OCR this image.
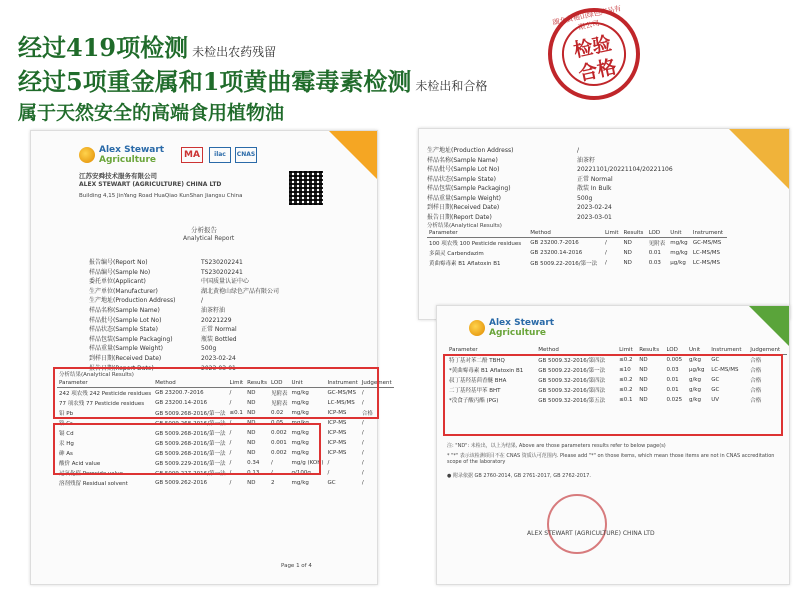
经过419项检测 未检出农药残留
经过5项重金属和1项黄曲霉毒素检测 未检出和合格
属于天然安全的高端食用植物油
湖北黄袍山绿色产品有限公司
检验
合格
Alex Stewart
Agriculture	MA	ilac	CNAS
江苏安舜技术服务有限公司
ALEX STEWART (AGRICULTURE) CHINA LTD
Building 4,15 JinYang Road HuaQiao KunShan Jiangsu China
分析报告
Analytical Report
报告编号(Report No)	TS230202241
样品编号(Sample No)	TS230202241
委托单位(Applicant)	中国质量认证中心
生产单位(Manufacturer)	湖北黄袍山绿色产品有限公司
生产地址(Production Address)	/
样品名称(Sample Name)	油茶籽油
样品批号(Sample Lot No)	20221229
样品状态(Sample State)	正常 Normal
样品包装(Sample Packaging)	瓶装 Bottled
样品重量(Sample Weight)	500g
到样日期(Received Date)	2023-02-24
报告日期(Report Date)	2023-03-01
分析结果(Analytical Results)
Parameter	Method	Limit	Results	LOD	Unit	Instrument	Judgement
242 项农残 242 Pesticide residues	GB 23200.7-2016	/	ND	见附表	mg/kg	GC-MS/MS	/
77 项农残 77 Pesticide residues	GB 23200.14-2016	/	ND	见附表	mg/kg	LC-MS/MS	/
铅 Pb	GB 5009.268-2016/第一法	≤0.1	ND	0.02	mg/kg	ICP-MS	合格
铬 Cr	GB 5009.268-2016/第一法	/	ND	0.05	mg/kg	ICP-MS	/
镉 Cd	GB 5009.268-2016/第一法	/	ND	0.002	mg/kg	ICP-MS	/
汞 Hg	GB 5009.268-2016/第一法	/	ND	0.001	mg/kg	ICP-MS	/
砷 As	GB 5009.268-2016/第一法	/	ND	0.002	mg/kg	ICP-MS	/
酸价 Acid value	GB 5009.229-2016/第一法	/	0.34	/	mg/g (KOH)	/	/
过氧化值 Peroxide value	GB 5009.227-2016/第一法	/	0.13	/	g/100g	/	/
溶剂残留 Residual solvent	GB 5009.262-2016	/	ND	2	mg/kg	GC	/
Page 1 of 4
生产地址(Production Address)	/
样品名称(Sample Name)	油茶籽
样品批号(Sample Lot No)	20221101/20221104/20221106
样品状态(Sample State)	正常 Normal
样品包装(Sample Packaging)	散装 In Bulk
样品重量(Sample Weight)	500g
到样日期(Received Date)	2023-02-24
报告日期(Report Date)	2023-03-01
分析结果(Analytical Results)
Parameter	Method	Limit	Results	LOD	Unit	Instrument
100 项农残 100 Pesticide residues	GB 23200.7-2016	/	ND	见附表	mg/kg	GC-MS/MS
多菌灵 Carbendazim	GB 23200.14-2016	/	ND	0.01	mg/kg	LC-MS/MS
黄曲霉毒素 B1 Aflatoxin B1	GB 5009.22-2016/第一法	/	ND	0.03	μg/kg	LC-MS/MS
Alex Stewart
Agriculture
Parameter	Method	Limit	Results	LOD	Unit	Instrument	Judgement
特丁基对苯二酚 TBHQ	GB 5009.32-2016/第四法	≤0.2	ND	0.005	g/kg	GC	合格
*黄曲霉毒素 B1 Aflatoxin B1	GB 5009.22-2016/第一法	≤10	ND	0.03	μg/kg	LC-MS/MS	合格
叔丁基羟基茴香醚 BHA	GB 5009.32-2016/第四法	≤0.2	ND	0.01	g/kg	GC	合格
二丁基羟基甲苯 BHT	GB 5009.32-2016/第四法	≤0.2	ND	0.01	g/kg	GC	合格
*没食子酸丙酯 (PG)	GB 5009.32-2016/第五法	≤0.1	ND	0.025	g/kg	UV	合格
注: "ND": 未检出，以上为结果, Above are those parameters results refer to below page(s)
* "*" 表示该检测项目不在 CNAS 资质认可范围内. Please add "*" on those items, which mean those items are not in CNAS accreditation scope of the laboratory
● 附录依据 GB 2760-2014, GB 2761-2017, GB 2762-2017.
ALEX STEWART (AGRICULTURE) CHINA LTD
